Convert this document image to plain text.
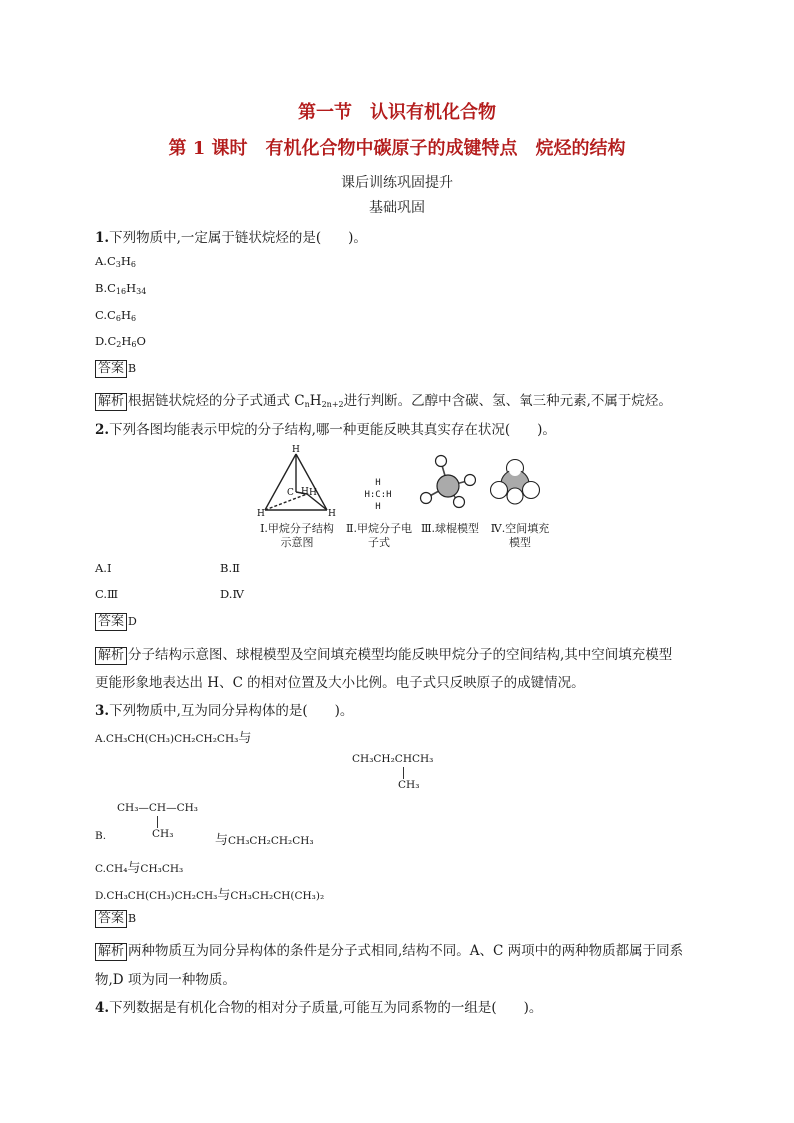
第一节　认识有机化合物
第 1 课时　有机化合物中碳原子的成键特点　烷烃的结构
课后训练巩固提升
基础巩固
1.下列物质中,一定属于链状烷烃的是(　　)。
$A.C_3H_6$
$B.C_{16}H_{34}$
$C.C_6H_6$
$D.C_2H_6O$
答案 B
解析 根据链状烷烃的分子式通式 $C_nH_{2n+2}$进行判断。乙醇中含碳、氢、氧三种元素,不属于烷烃。
2.下列各图均能表示甲烷的分子结构,哪一种更能反映其真实存在状况(　　)。
H
C H H
H	H
Ⅰ.甲烷分子结构示意图
H
H:C:H
H
Ⅱ.甲烷分子电子式
Ⅲ.球棍模型	Ⅳ.空间填充模型
A.Ⅰ	B.Ⅱ
C.Ⅲ	D.Ⅳ
答案 D
解析 分子结构示意图、球棍模型及空间填充模型均能反映甲烷分子的空间结构,其中空间填充模型
更能形象地表达出 H、C 的相对位置及大小比例。电子式只反映原子的成键情况。
3.下列物质中,互为同分异构体的是(　　)。
A.CH₃CH(CH₃)CH₂CH₂CH₃与
CH₃CH₂CHCH₃
CH₃
CH₃—CH—CH₃
CH₃
B.	与CH₃CH₂CH₂CH₃
C.CH₄与CH₃CH₃
D.CH₃CH(CH₃)CH₂CH₃与CH₃CH₂CH(CH₃)₂
答案 B
解析 两种物质互为同分异构体的条件是分子式相同,结构不同。A、C 两项中的两种物质都属于同系
物,D 项为同一种物质。
4.下列数据是有机化合物的相对分子质量,可能互为同系物的一组是(　　)。
